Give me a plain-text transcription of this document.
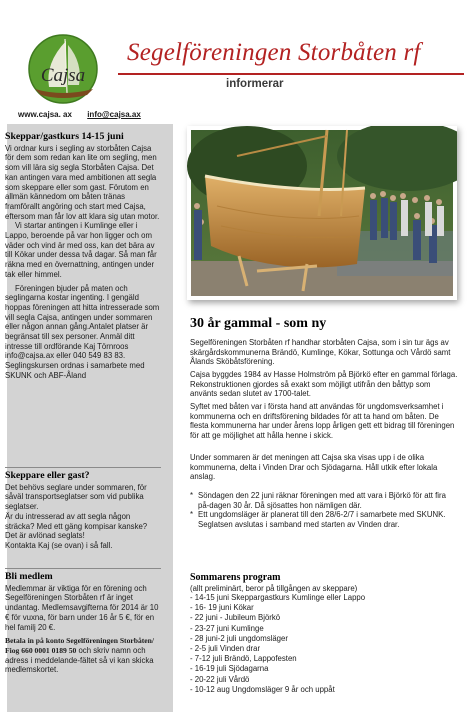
Cajsa
Segelföreningen Storbåten rf
informerar
www.cajsa. ax info@cajsa.ax
Skeppar/gastkurs 14-15 juni

Vi ordnar kurs i segling av storbåten Cajsa för dem som redan kan lite om segling, men som vill lära sig segla Storbåten Cajsa. Det kan antingen vara med ambitionen att segla som skeppare eller som gast. Förutom en allmän kännedom om båten tränas framförallt angöring och start med Cajsa, eftersom man får lov att klara sig utan motor.

Vi startar antingen i Kumlinge eller i Lappo, beroende på var hon ligger och om väder och vind är med oss, kan det bära av till Kökar under dessa två dagar. Så man får räkna med en övernattning, antingen under tak eller himmel.

Föreningen bjuder på maten och seglingarna kostar ingenting. I gengäld hoppas föreningen att hitta intresserade som vill segla Cajsa, antingen under sommaren eller någon annan gång.Antalet platser är begränsat till sex personer. Anmäl ditt intresse till ordförande Kaj Törnroos info@cajsa.ax eller 040 549 83 83. Seglingskursen ordnas i samarbete med SKUNK och ABF-Åland

Skeppare eller gast?

Det behövs seglare under sommaren, för såväl transportseglatser som vid publika seglatser.

Är du intresserad av att segla någon sträcka? Med ett gäng kompisar kanske?

Det är avlönad seglats!

Kontakta Kaj (se ovan) i så fall.

Bli medlem

Medlemmar är viktiga för en förening och Segelföreningen Storbåten rf är inget undantag. Medlemsavgifterna för 2014 är 10 € för vuxna, för barn under 16 år 5 €, för en hel familj 20 €.

Betala in på konto Segelföreningen Storbåten/
Fiog 660 0001 0189 50 och skriv namn och adress i meddelande-fältet så vi kan skicka medlemskortet.

30 år gammal - som ny

Segelföreningen Storbåten rf handhar storbåten Cajsa, som i sin tur ägs av skärgårdskommunerna Brändö, Kumlinge, Kökar, Sottunga och Vårdö samt Ålands Sköbåtsförening.

Cajsa byggdes 1984 av Hasse Holmström på Björkö efter en gammal förlaga. Rekonstruktionen gjordes så exakt som möjligt utifrån den båttyp som använts sedan slutet av 1700-talet.

Syftet med båten var i första hand att användas för ungdomsverksamhet i kommunerna och en driftsförening bildades för att ta hand om båten. De flesta kommunerna har under årens lopp årligen gett ett bidrag till föreningen för att ge möjlighet att hålla henne i skick.

Under sommaren är det meningen att Cajsa ska visas upp i de olika kommunerna, delta i Vinden Drar och Sjödagarna. Håll utkik efter lokala anslag.

* Söndagen den 22 juni räknar föreningen med att vara i Björkö för att fira på-dagen 30 år. Då sjösattes hon nämligen där.
* Ett ungdomsläger är planerat till den 28/6-2/7 i samarbete med SKUNK. Seglatsen avslutas i samband med starten av Vinden drar.
Sommarens program

(allt preliminärt, beror på tillgången av skeppare)

- 14-15 juni Skeppargastkurs Kumlinge eller Lappo
- 16- 19 juni Kökar
- 22 juni - Jubileum Björkö
- 23-27 juni Kumlinge
- 28 juni-2 juli ungdomsläger
- 2-5 juli Vinden drar
- 7-12 juli Brändö, Lappofesten
- 16-19 juli Sjödagarna
- 20-22 juli Vårdö
- 10-12 aug Ungdomsläger 9 år och uppåt
